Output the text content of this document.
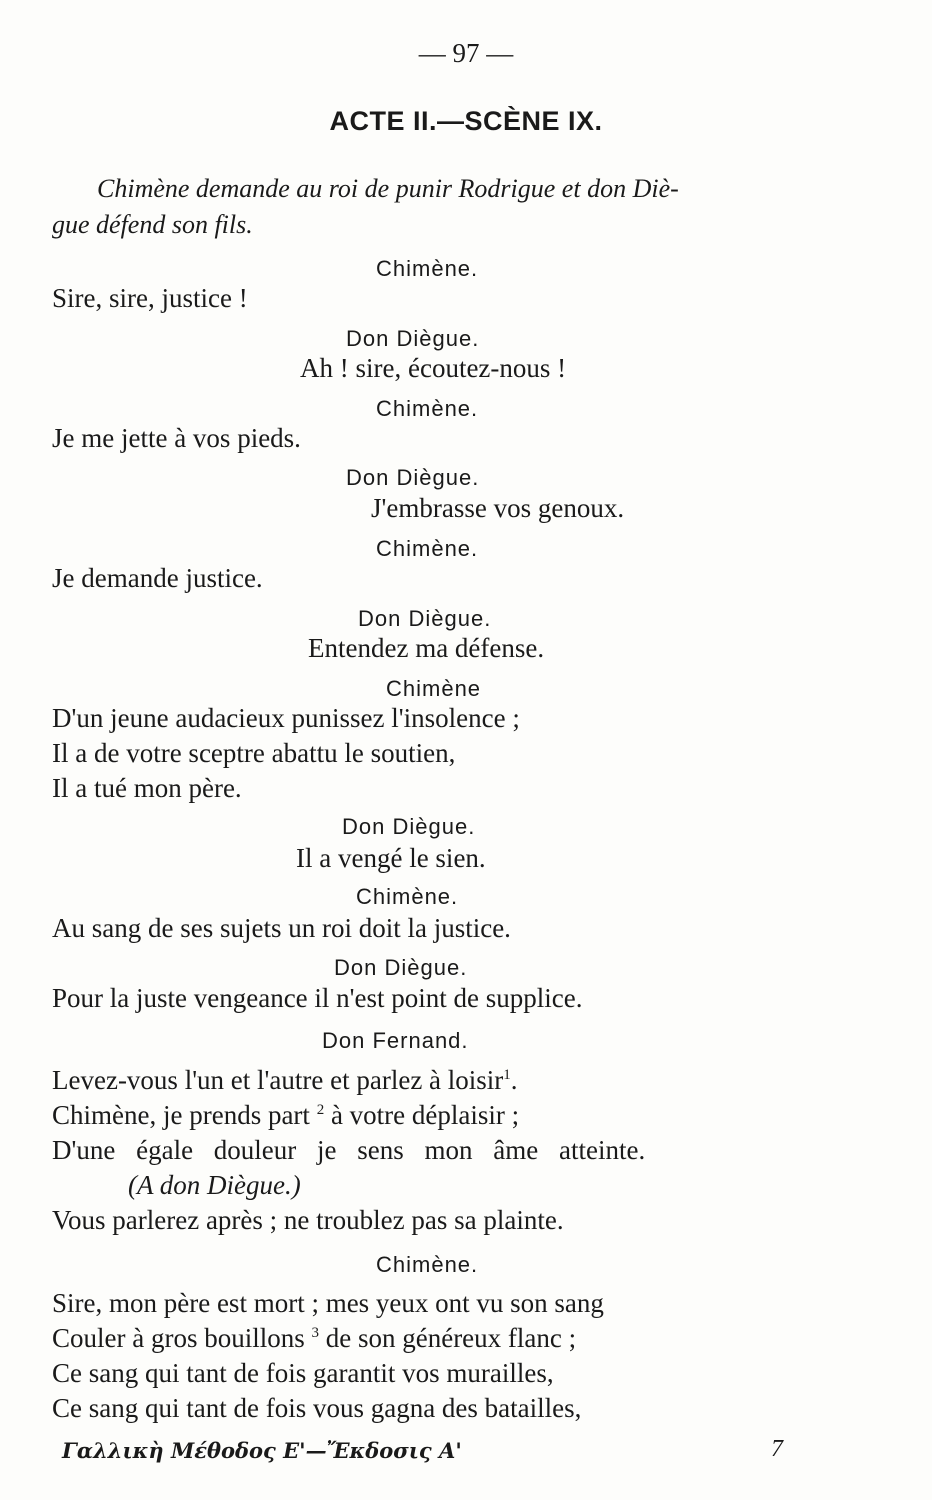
— 97 —
ACTE II.—SCÈNE IX.
Chimène demande au roi de punir Rodrigue et don Diè-
gue défend son fils.
Chimène.
Sire, sire, justice !
Don Diègue.
Ah ! sire, écoutez-nous !
Chimène.
Je me jette à vos pieds.
Don Diègue.
J'embrasse vos genoux.
Chimène.
Je demande justice.
Don Diègue.
Entendez ma défense.
Chimène
D'un jeune audacieux punissez l'insolence ;
Il a de votre sceptre abattu le soutien,
Il a tué mon père.
Don Diègue.
Il a vengé le sien.
Chimène.
Au sang de ses sujets un roi doit la justice.
Don Diègue.
Pour la juste vengeance il n'est point de supplice.
Don Fernand.
Levez-vous l'un et l'autre et parlez à loisir$^1$.
Chimène, je prends part $^2$ à votre déplaisir ;
D'une égale douleur je sens mon âme atteinte.
(A don Diègue.)
Vous parlerez après ; ne troublez pas sa plainte.
Chimène.
Sire, mon père est mort ; mes yeux ont vu son sang
Couler à gros bouillons $^3$ de son généreux flanc ;
Ce sang qui tant de fois garantit vos murailles,
Ce sang qui tant de fois vous gagna des batailles,
Γαλλικὴ Μέθοδος Ε'—Ἔκδοσις Α'	7
